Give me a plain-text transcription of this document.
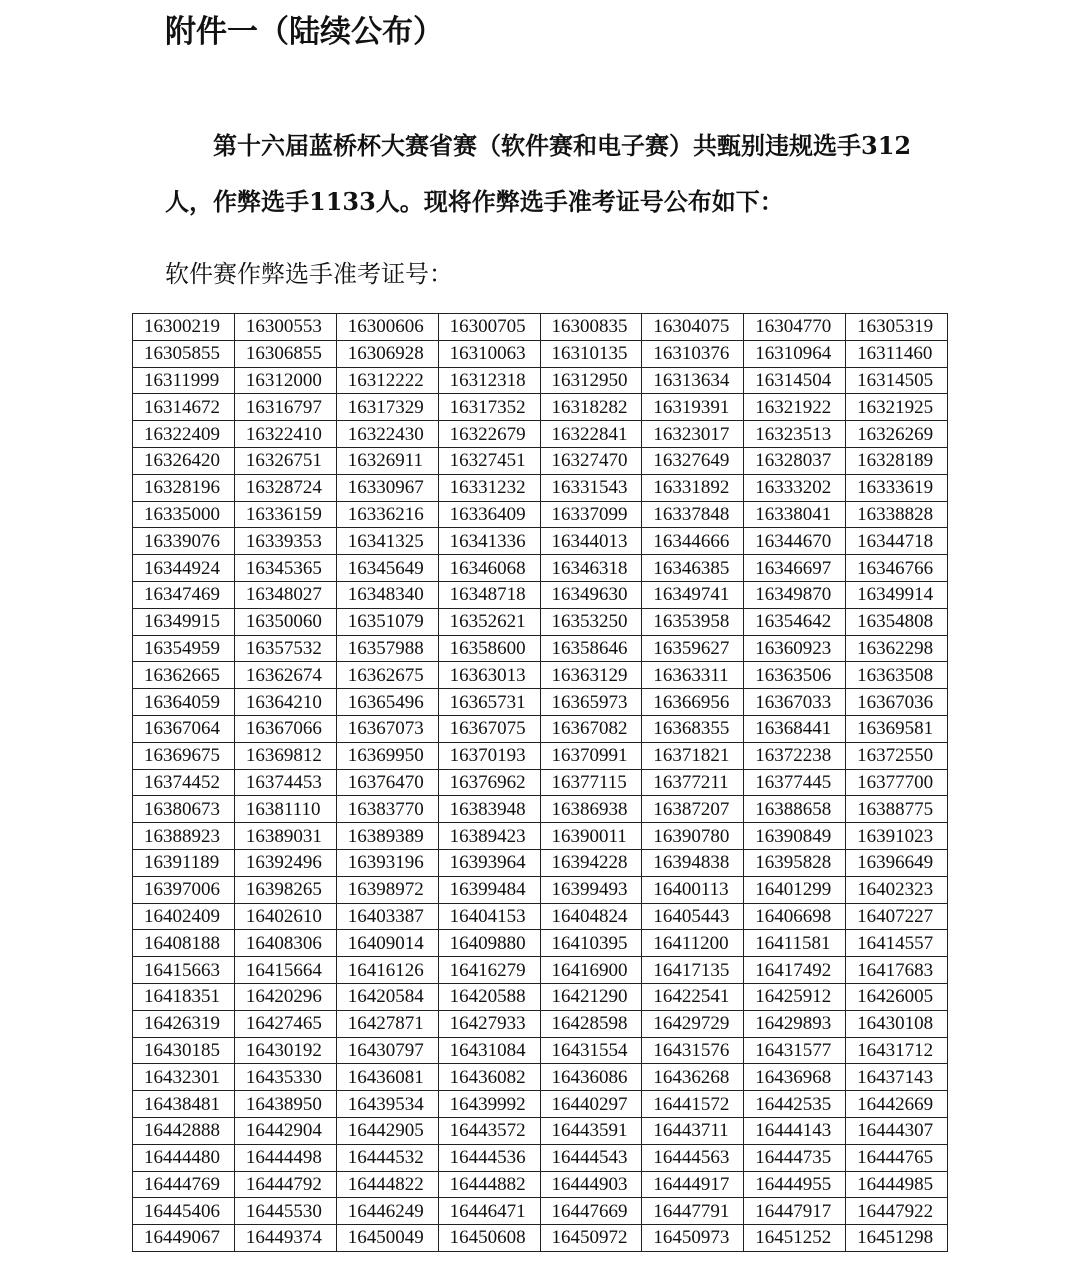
附件一（陆续公布）

第十六届蓝桥杯大赛省赛（软件赛和电子赛）共甄别违规选手312
人，作弊选手1133人。现将作弊选手准考证号公布如下：

软件赛作弊选手准考证号：

16300219	16300553	16300606	16300705	16300835	16304075	16304770	16305319
16305855	16306855	16306928	16310063	16310135	16310376	16310964	16311460
16311999	16312000	16312222	16312318	16312950	16313634	16314504	16314505
16314672	16316797	16317329	16317352	16318282	16319391	16321922	16321925
16322409	16322410	16322430	16322679	16322841	16323017	16323513	16326269
16326420	16326751	16326911	16327451	16327470	16327649	16328037	16328189
16328196	16328724	16330967	16331232	16331543	16331892	16333202	16333619
16335000	16336159	16336216	16336409	16337099	16337848	16338041	16338828
16339076	16339353	16341325	16341336	16344013	16344666	16344670	16344718
16344924	16345365	16345649	16346068	16346318	16346385	16346697	16346766
16347469	16348027	16348340	16348718	16349630	16349741	16349870	16349914
16349915	16350060	16351079	16352621	16353250	16353958	16354642	16354808
16354959	16357532	16357988	16358600	16358646	16359627	16360923	16362298
16362665	16362674	16362675	16363013	16363129	16363311	16363506	16363508
16364059	16364210	16365496	16365731	16365973	16366956	16367033	16367036
16367064	16367066	16367073	16367075	16367082	16368355	16368441	16369581
16369675	16369812	16369950	16370193	16370991	16371821	16372238	16372550
16374452	16374453	16376470	16376962	16377115	16377211	16377445	16377700
16380673	16381110	16383770	16383948	16386938	16387207	16388658	16388775
16388923	16389031	16389389	16389423	16390011	16390780	16390849	16391023
16391189	16392496	16393196	16393964	16394228	16394838	16395828	16396649
16397006	16398265	16398972	16399484	16399493	16400113	16401299	16402323
16402409	16402610	16403387	16404153	16404824	16405443	16406698	16407227
16408188	16408306	16409014	16409880	16410395	16411200	16411581	16414557
16415663	16415664	16416126	16416279	16416900	16417135	16417492	16417683
16418351	16420296	16420584	16420588	16421290	16422541	16425912	16426005
16426319	16427465	16427871	16427933	16428598	16429729	16429893	16430108
16430185	16430192	16430797	16431084	16431554	16431576	16431577	16431712
16432301	16435330	16436081	16436082	16436086	16436268	16436968	16437143
16438481	16438950	16439534	16439992	16440297	16441572	16442535	16442669
16442888	16442904	16442905	16443572	16443591	16443711	16444143	16444307
16444480	16444498	16444532	16444536	16444543	16444563	16444735	16444765
16444769	16444792	16444822	16444882	16444903	16444917	16444955	16444985
16445406	16445530	16446249	16446471	16447669	16447791	16447917	16447922
16449067	16449374	16450049	16450608	16450972	16450973	16451252	16451298
